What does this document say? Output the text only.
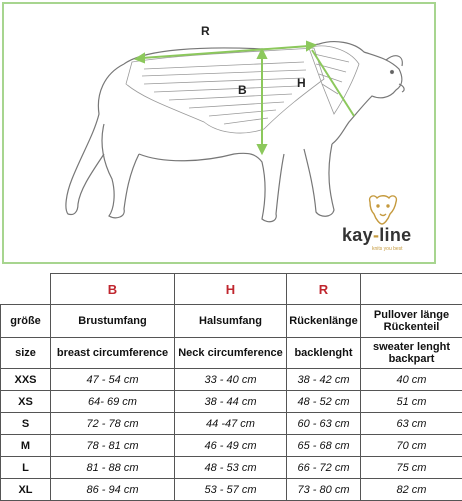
R
B	H
kay-line
knits you best
	B	H	R	
größe	Brustumfang	Halsumfang	Rückenlänge	Pullover länge Rückenteil
size	breast circumference	Neck circumference	backlenght	sweater lenght backpart
XXS	47 - 54 cm	33 - 40 cm	38 - 42 cm	40 cm
XS	64- 69 cm	38 - 44 cm	48 - 52 cm	51 cm
S	72 - 78 cm	44 -47 cm	60 - 63 cm	63 cm
M	78 - 81 cm	46 - 49 cm	65 - 68 cm	70 cm
L	81 - 88 cm	48 - 53 cm	66 - 72 cm	75 cm
XL	86 - 94 cm	53 - 57 cm	73 - 80 cm	82 cm
